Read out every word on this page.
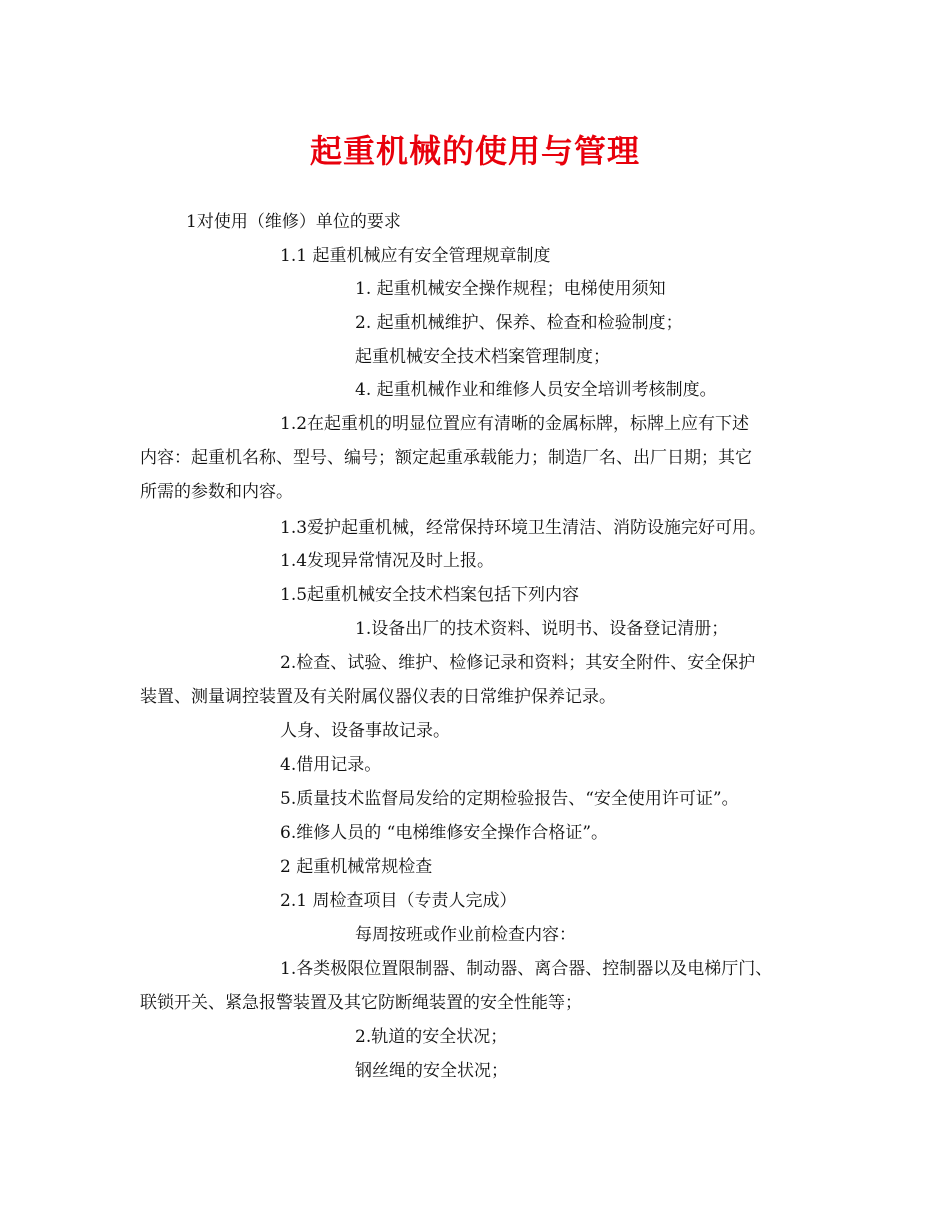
起重机械的使用与管理
1对使用（维修）单位的要求
1.1 起重机械应有安全管理规章制度
1. 起重机械安全操作规程；电梯使用须知
2. 起重机械维护、保养、检查和检验制度；
起重机械安全技术档案管理制度；
4. 起重机械作业和维修人员安全培训考核制度。
1.2在起重机的明显位置应有清晰的金属标牌，标牌上应有下述
内容：起重机名称、型号、编号；额定起重承载能力；制造厂名、出厂日期；其它
所需的参数和内容。
1.3爱护起重机械，经常保持环境卫生清洁、消防设施完好可用。
1.4发现异常情况及时上报。
1.5起重机械安全技术档案包括下列内容
1.设备出厂的技术资料、说明书、设备登记清册；
2.检查、试验、维护、检修记录和资料；其安全附件、安全保护
装置、测量调控装置及有关附属仪器仪表的日常维护保养记录。
人身、设备事故记录。
4.借用记录。
5.质量技术监督局发给的定期检验报告、“安全使用许可证”。
6.维修人员的 “电梯维修安全操作合格证”。
2 起重机械常规检查
2.1 周检查项目（专责人完成）
每周按班或作业前检查内容：
1.各类极限位置限制器、制动器、离合器、控制器以及电梯厅门、
联锁开关、紧急报警装置及其它防断绳装置的安全性能等；
2.轨道的安全状况；
钢丝绳的安全状况；
